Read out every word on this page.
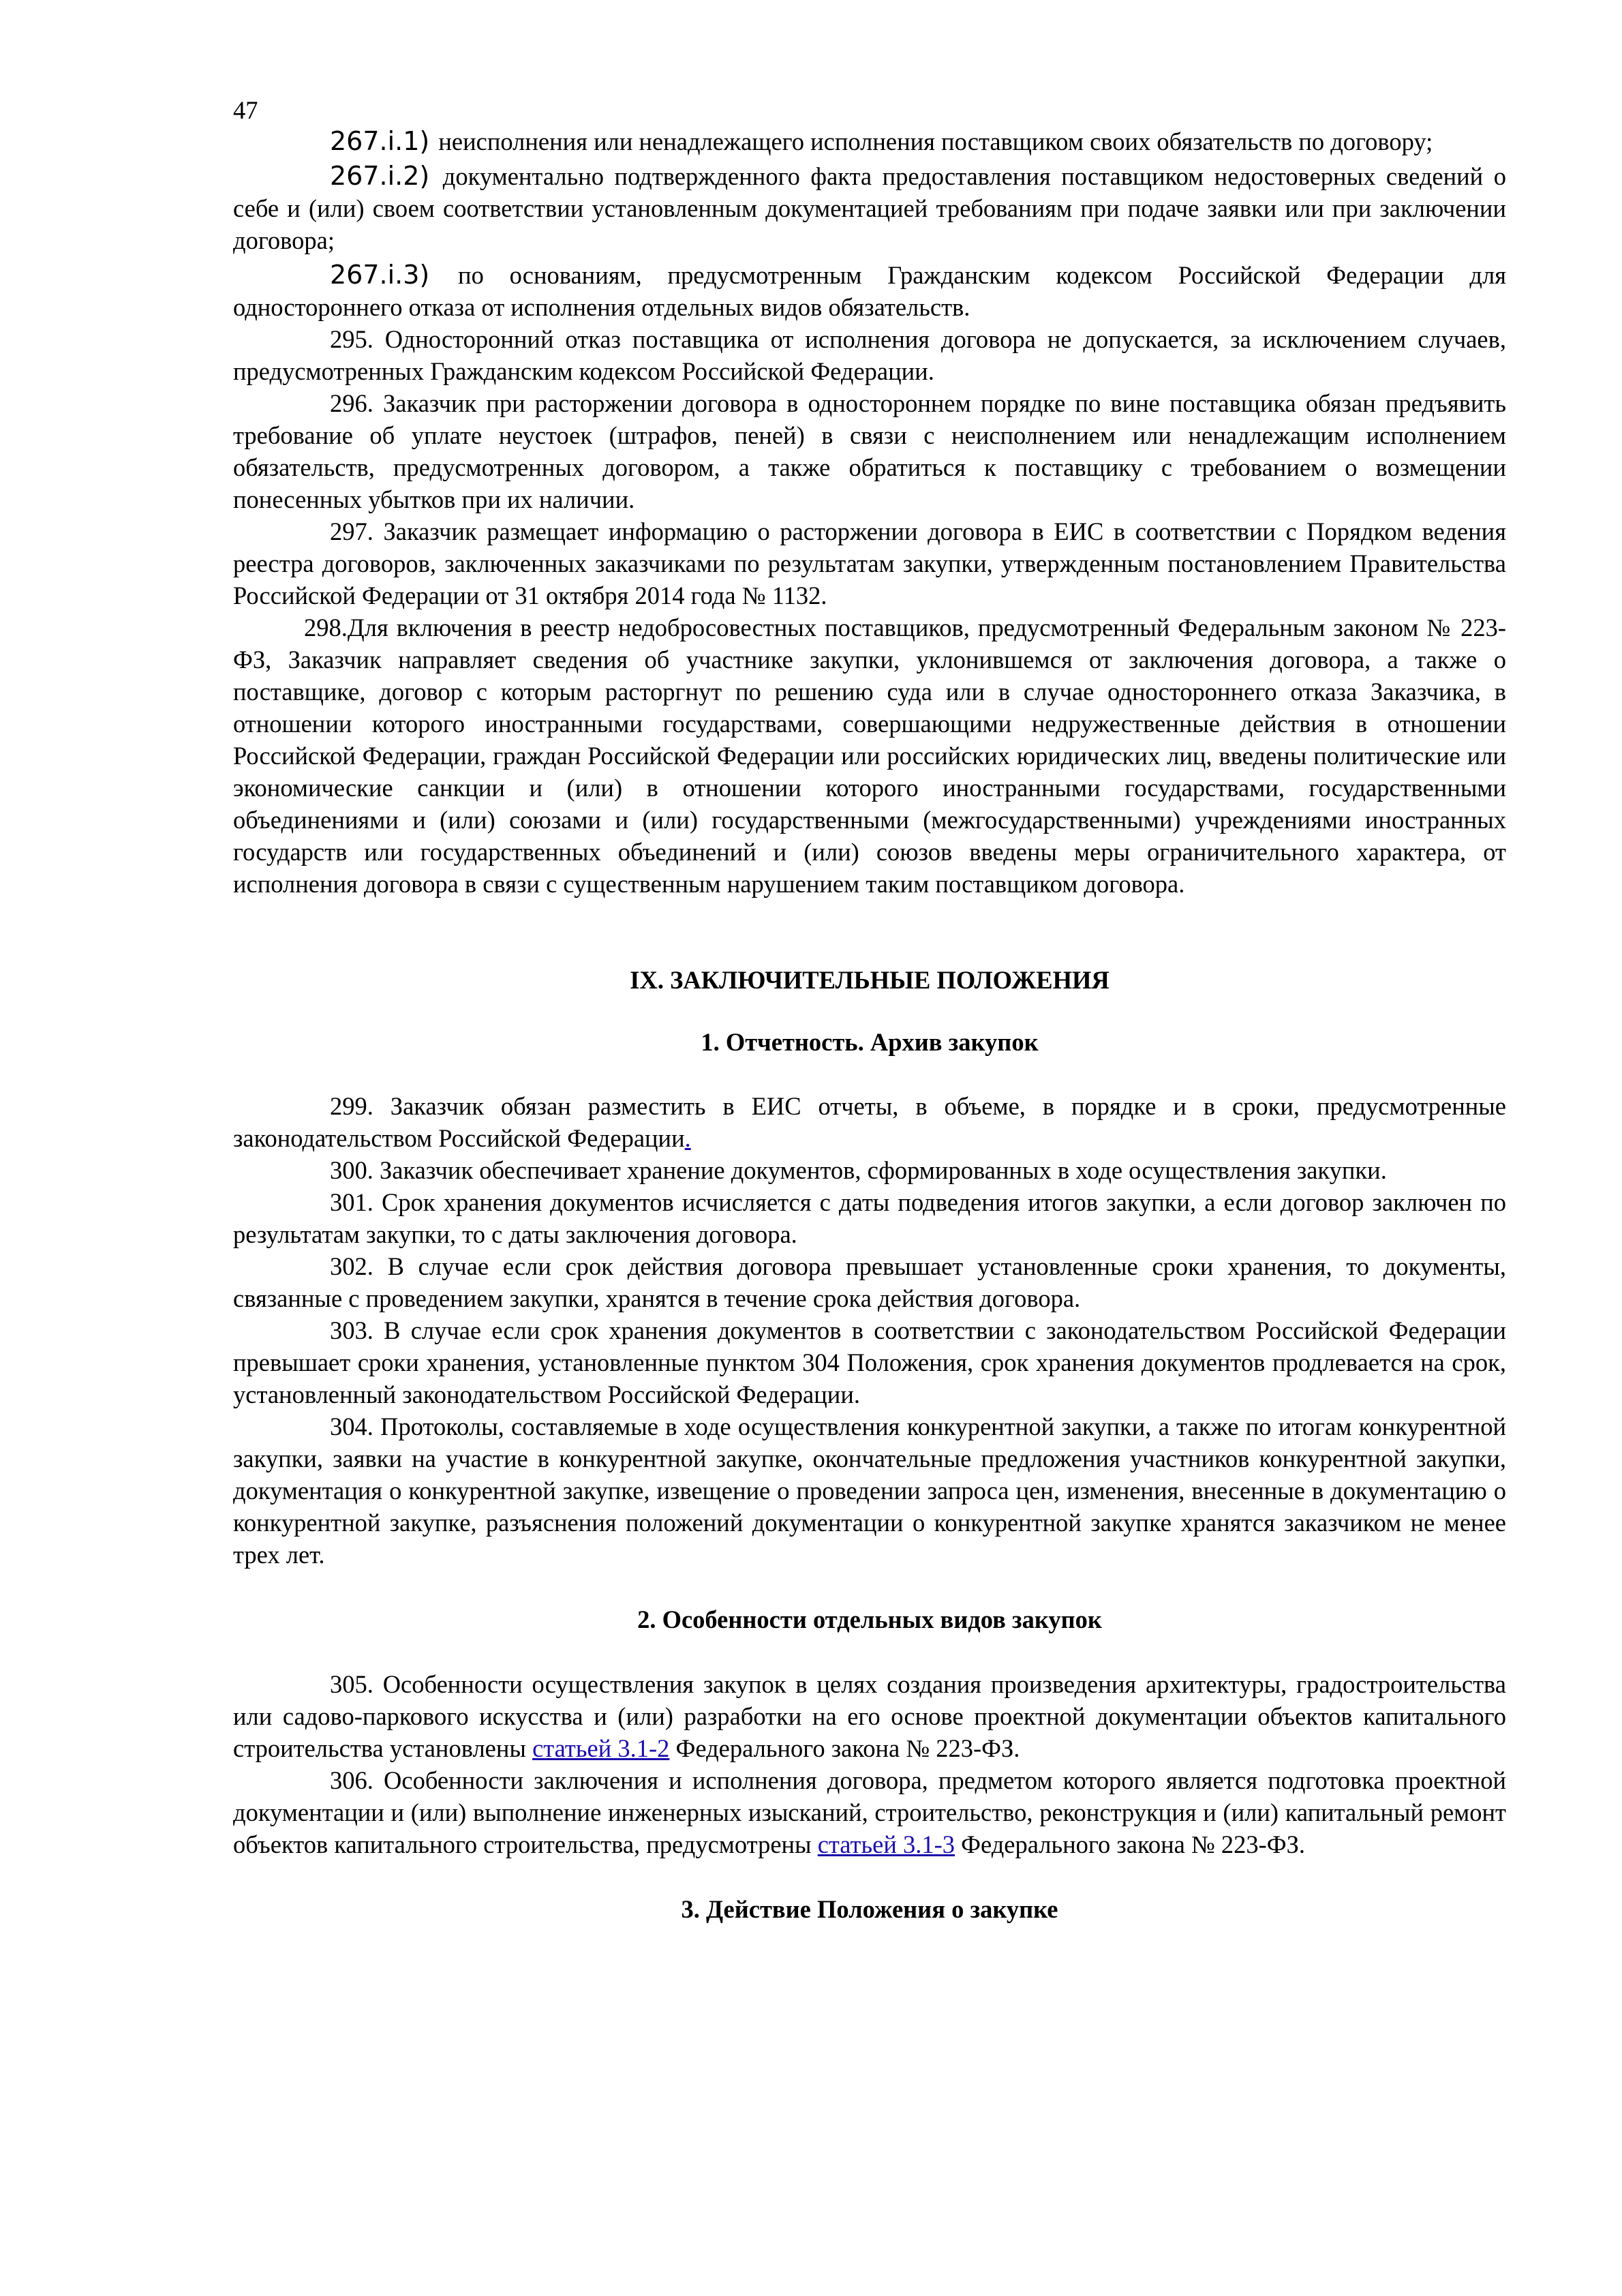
47

267.i.1) неисполнения или ненадлежащего исполнения поставщиком своих обязательств по договору;

267.i.2) документально подтвержденного факта предоставления поставщиком недостоверных сведений о себе и (или) своем соответствии установленным документацией требованиям при подаче заявки или при заключении договора;

267.i.3) по основаниям, предусмотренным Гражданским кодексом Российской Федерации для одностороннего отказа от исполнения отдельных видов обязательств.

295. Односторонний отказ поставщика от исполнения договора не допускается, за исключением случаев, предусмотренных Гражданским кодексом Российской Федерации.

296. Заказчик при расторжении договора в одностороннем порядке по вине поставщика обязан предъявить требование об уплате неустоек (штрафов, пеней) в связи с неисполнением или ненадлежащим исполнением обязательств, предусмотренных договором, а также обратиться к поставщику с требованием о возмещении понесенных убытков при их наличии.

297. Заказчик размещает информацию о расторжении договора в ЕИС в соответствии с Порядком ведения реестра договоров, заключенных заказчиками по результатам закупки, утвержденным постановлением Правительства Российской Федерации от 31 октября 2014 года № 1132.

298.Для включения в реестр недобросовестных поставщиков, предусмотренный Федеральным законом № 223-ФЗ, Заказчик направляет сведения об участнике закупки, уклонившемся от заключения договора, а также о поставщике, договор с которым расторгнут по решению суда или в случае одностороннего отказа Заказчика, в отношении которого иностранными государствами, совершающими недружественные действия в отношении Российской Федерации, граждан Российской Федерации или российских юридических лиц, введены политические или экономические санкции и (или) в отношении которого иностранными государствами, государственными объединениями и (или) союзами и (или) государственными (межгосударственными) учреждениями иностранных государств или государственных объединений и (или) союзов введены меры ограничительного характера, от исполнения договора в связи с существенным нарушением таким поставщиком договора.

IX. ЗАКЛЮЧИТЕЛЬНЫЕ ПОЛОЖЕНИЯ

1. Отчетность. Архив закупок

299. Заказчик обязан разместить в ЕИС отчеты, в объеме, в порядке и в сроки, предусмотренные законодательством Российской Федерации.

300. Заказчик обеспечивает хранение документов, сформированных в ходе осуществления закупки.

301. Срок хранения документов исчисляется с даты подведения итогов закупки, а если договор заключен по результатам закупки, то с даты заключения договора.

302. В случае если срок действия договора превышает установленные сроки хранения, то документы, связанные с проведением закупки, хранятся в течение срока действия договора.

303. В случае если срок хранения документов в соответствии с законодательством Российской Федерации превышает сроки хранения, установленные пунктом 304 Положения, срок хранения документов продлевается на срок, установленный законодательством Российской Федерации.

304. Протоколы, составляемые в ходе осуществления конкурентной закупки, а также по итогам конкурентной закупки, заявки на участие в конкурентной закупке, окончательные предложения участников конкурентной закупки, документация о конкурентной закупке, извещение о проведении запроса цен, изменения, внесенные в документацию о конкурентной закупке, разъяснения положений документации о конкурентной закупке хранятся заказчиком не менее трех лет.

2. Особенности отдельных видов закупок

305. Особенности осуществления закупок в целях создания произведения архитектуры, градостроительства или садово-паркового искусства и (или) разработки на его основе проектной документации объектов капитального строительства установлены статьей 3.1-2 Федерального закона № 223-ФЗ.

306. Особенности заключения и исполнения договора, предметом которого является подготовка проектной документации и (или) выполнение инженерных изысканий, строительство, реконструкция и (или) капитальный ремонт объектов капитального строительства, предусмотрены статьей 3.1-3 Федерального закона № 223-ФЗ.

3. Действие Положения о закупке
